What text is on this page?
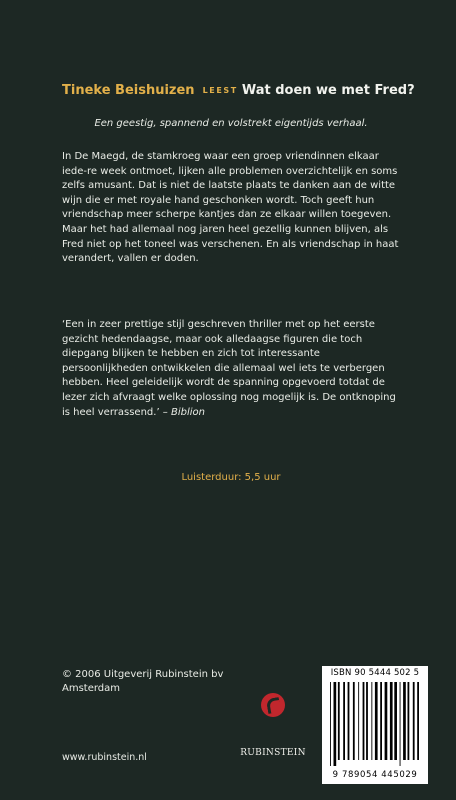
Tineke Beishuizen LEEST Wat doen we met Fred?
Een geestig, spannend en volstrekt eigentijds verhaal.
In De Maegd, de stamkroeg waar een groep vriendinnen elkaar iede-re week ontmoet, lijken alle problemen overzichtelijk en soms zelfs amusant. Dat is niet de laatste plaats te danken aan de witte wijn die er met royale hand geschonken wordt. Toch geeft hun vriendschap meer scherpe kantjes dan ze elkaar willen toegeven. Maar het had allemaal nog jaren heel gezellig kunnen blijven, als Fred niet op het toneel was verschenen. En als vriendschap in haat verandert, vallen er doden.
‘Een in zeer prettige stijl geschreven thriller met op het eerste gezicht hedendaagse, maar ook alledaagse figuren die toch diepgang blijken te hebben en zich tot interessante persoonlijkheden ontwikkelen die allemaal wel iets te verbergen hebben. Heel geleidelijk wordt de spanning opgevoerd totdat de lezer zich afvraagt welke oplossing nog mogelijk is. De ontknoping is heel verrassend.’ – Biblion
Luisterduur: 5,5 uur
© 2006 Uitgeverij Rubinstein bv
Amsterdam
www.rubinstein.nl	RUBINSTEIN
ISBN 90 5444 502 5
9 789054 445029
